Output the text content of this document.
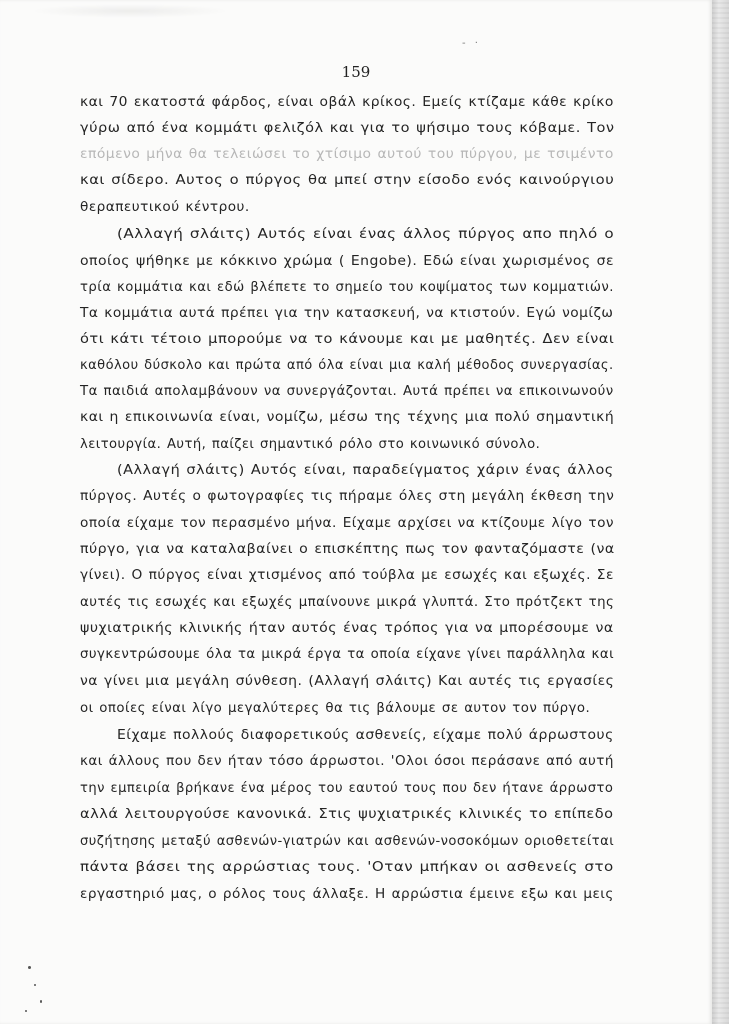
- ·
159
και 70 εκατοστά φάρδος, είναι οβάλ κρίκος. Εμείς κτίζαμε κάθε κρίκο
γύρω από ένα κομμάτι φελιζόλ και για το ψήσιμο τους κόβαμε. Τον
επόμενο μήνα θα τελειώσει το χτίσιμο αυτού του πύργου, με τσιμέντο
και σίδερο. Αυτος ο πύργος θα μπεί στην είσοδο ενός καινούργιου
θεραπευτικού κέντρου.
(Αλλαγή σλάιτς) Αυτός είναι ένας άλλος πύργος απο πηλό ο
οποίος ψήθηκε με κόκκινο χρώμα ( Engobe). Εδώ είναι χωρισμένος σε
τρία κομμάτια και εδώ βλέπετε το σημείο του κοψίματος των κομματιών.
Τα κομμάτια αυτά πρέπει για την κατασκευή, να κτιστούν. Εγώ νομίζω
ότι κάτι τέτοιο μπορούμε να το κάνουμε και με μαθητές. Δεν είναι
καθόλου δύσκολο και πρώτα από όλα είναι μια καλή μέθοδος συνεργασίας.
Τα παιδιά απολαμβάνουν να συνεργάζονται. Αυτά πρέπει να επικοινωνούν
και η επικοινωνία είναι, νομίζω, μέσω της τέχνης μια πολύ σημαντική
λειτουργία. Αυτή, παίζει σημαντικό ρόλο στο κοινωνικό σύνολο.
(Αλλαγή σλάιτς) Αυτός είναι, παραδείγματος χάριν ένας άλλος
πύργος. Αυτές ο φωτογραφίες τις πήραμε όλες στη μεγάλη έκθεση την
οποία είχαμε τον περασμένο μήνα. Είχαμε αρχίσει να κτίζουμε λίγο τον
πύργο, για να καταλαβαίνει ο επισκέπτης πως τον φανταζόμαστε (να
γίνει). Ο πύργος είναι χτισμένος από τούβλα με εσωχές και εξωχές. Σε
αυτές τις εσωχές και εξωχές μπαίνουνε μικρά γλυπτά. Στο πρότζεκτ της
ψυχιατρικής κλινικής ήταν αυτός ένας τρόπος για να μπορέσουμε να
συγκεντρώσουμε όλα τα μικρά έργα τα οποία είχανε γίνει παράλληλα και
να γίνει μια μεγάλη σύνθεση. (Αλλαγή σλάιτς) Και αυτές τις εργασίες
οι οποίες είναι λίγο μεγαλύτερες θα τις βάλουμε σε αυτον τον πύργο.
Είχαμε πολλούς διαφορετικούς ασθενείς, είχαμε πολύ άρρωστους
και άλλους που δεν ήταν τόσο άρρωστοι. 'Ολοι όσοι περάσανε από αυτή
την εμπειρία βρήκανε ένα μέρος του εαυτού τους που δεν ήτανε άρρωστο
αλλά λειτουργούσε κανονικά. Στις ψυχιατρικές κλινικές το επίπεδο
συζήτησης μεταξύ ασθενών-γιατρών και ασθενών-νοσοκόμων οριοθετείται
πάντα βάσει της αρρώστιας τους. 'Οταν μπήκαν οι ασθενείς στο
εργαστηριό μας, ο ρόλος τους άλλαξε. Η αρρώστια έμεινε εξω και μεις
